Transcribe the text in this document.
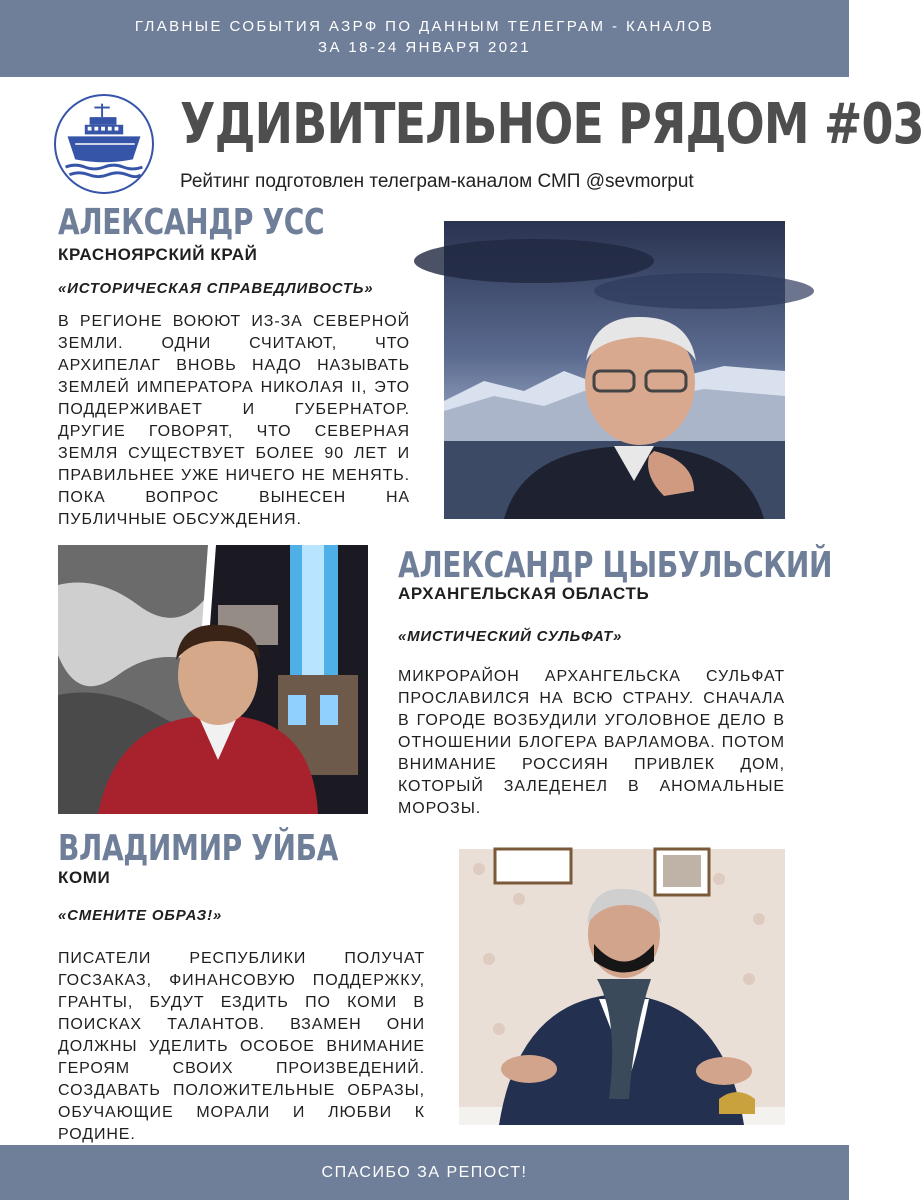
ГЛАВНЫЕ СОБЫТИЯ АЗРФ ПО ДАННЫМ ТЕЛЕГРАМ - КАНАЛОВ
ЗА 18-24 ЯНВАРЯ 2021
УДИВИТЕЛЬНОЕ РЯДОМ #03
Рейтинг подготовлен телеграм-каналом СМП @sevmorput
АЛЕКСАНДР УСС
КРАСНОЯРСКИЙ КРАЙ
«ИСТОРИЧЕСКАЯ СПРАВЕДЛИВОСТЬ»
В РЕГИОНЕ ВОЮЮТ ИЗ-ЗА СЕВЕРНОЙ ЗЕМЛИ. ОДНИ СЧИТАЮТ, ЧТО АРХИПЕЛАГ ВНОВЬ НАДО НАЗЫВАТЬ ЗЕМЛЕЙ ИМПЕРАТОРА НИКОЛАЯ II, ЭТО ПОДДЕРЖИВАЕТ И ГУБЕРНАТОР. ДРУГИЕ ГОВОРЯТ, ЧТО СЕВЕРНАЯ ЗЕМЛЯ СУЩЕСТВУЕТ БОЛЕЕ 90 ЛЕТ И ПРАВИЛЬНЕЕ УЖЕ НИЧЕГО НЕ МЕНЯТЬ. ПОКА ВОПРОС ВЫНЕСЕН НА ПУБЛИЧНЫЕ ОБСУЖДЕНИЯ.
АЛЕКСАНДР ЦЫБУЛЬСКИЙ
АРХАНГЕЛЬСКАЯ ОБЛАСТЬ
«МИСТИЧЕСКИЙ СУЛЬФАТ»
МИКРОРАЙОН АРХАНГЕЛЬСКА СУЛЬФАТ ПРОСЛАВИЛСЯ НА ВСЮ СТРАНУ. СНАЧАЛА В ГОРОДЕ ВОЗБУДИЛИ УГОЛОВНОЕ ДЕЛО В ОТНОШЕНИИ БЛОГЕРА ВАРЛАМОВА. ПОТОМ ВНИМАНИЕ РОССИЯН ПРИВЛЕК ДОМ, КОТОРЫЙ ЗАЛЕДЕНЕЛ В АНОМАЛЬНЫЕ МОРОЗЫ.
ВЛАДИМИР УЙБА
КОМИ
«СМЕНИТЕ ОБРАЗ!»
ПИСАТЕЛИ РЕСПУБЛИКИ ПОЛУЧАТ ГОСЗАКАЗ, ФИНАНСОВУЮ ПОДДЕРЖКУ, ГРАНТЫ, БУДУТ ЕЗДИТЬ ПО КОМИ В ПОИСКАХ ТАЛАНТОВ. ВЗАМЕН ОНИ ДОЛЖНЫ УДЕЛИТЬ ОСОБОЕ ВНИМАНИЕ ГЕРОЯМ СВОИХ ПРОИЗВЕДЕНИЙ. СОЗДАВАТЬ ПОЛОЖИТЕЛЬНЫЕ ОБРАЗЫ, ОБУЧАЮЩИЕ МОРАЛИ И ЛЮБВИ К РОДИНЕ.
СПАСИБО ЗА РЕПОСТ!
